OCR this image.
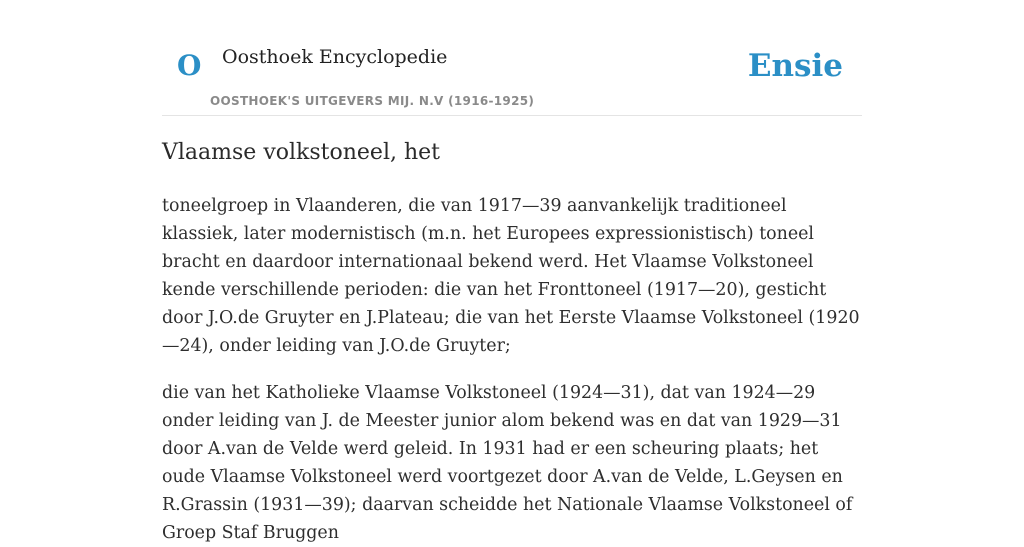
O Oosthoek Encyclopedie
OOSTHOEK'S UITGEVERS MIJ. N.V (1916-1925)
Ensie
Vlaamse volkstoneel, het

toneelgroep in Vlaanderen, die van 1917—39 aanvankelijk traditioneel klassiek, later modernistisch (m.n. het Europees expressionistisch) toneel bracht en daardoor internationaal bekend werd. Het Vlaamse Volkstoneel kende verschillende perioden: die van het Fronttoneel (1917—20), gesticht door J.O.de Gruyter en J.Plateau; die van het Eerste Vlaamse Volkstoneel (1920—24), onder leiding van J.O.de Gruyter;

die van het Katholieke Vlaamse Volkstoneel (1924—31), dat van 1924—29 onder leiding van J. de Meester junior alom bekend was en dat van 1929—31 door A.van de Velde werd geleid. In 1931 had er een scheuring plaats; het oude Vlaamse Volkstoneel werd voortgezet door A.van de Velde, L.Geysen en R.Grassin (1931—39); daarvan scheidde het Nationale Vlaamse Volkstoneel of Groep Staf Bruggen
